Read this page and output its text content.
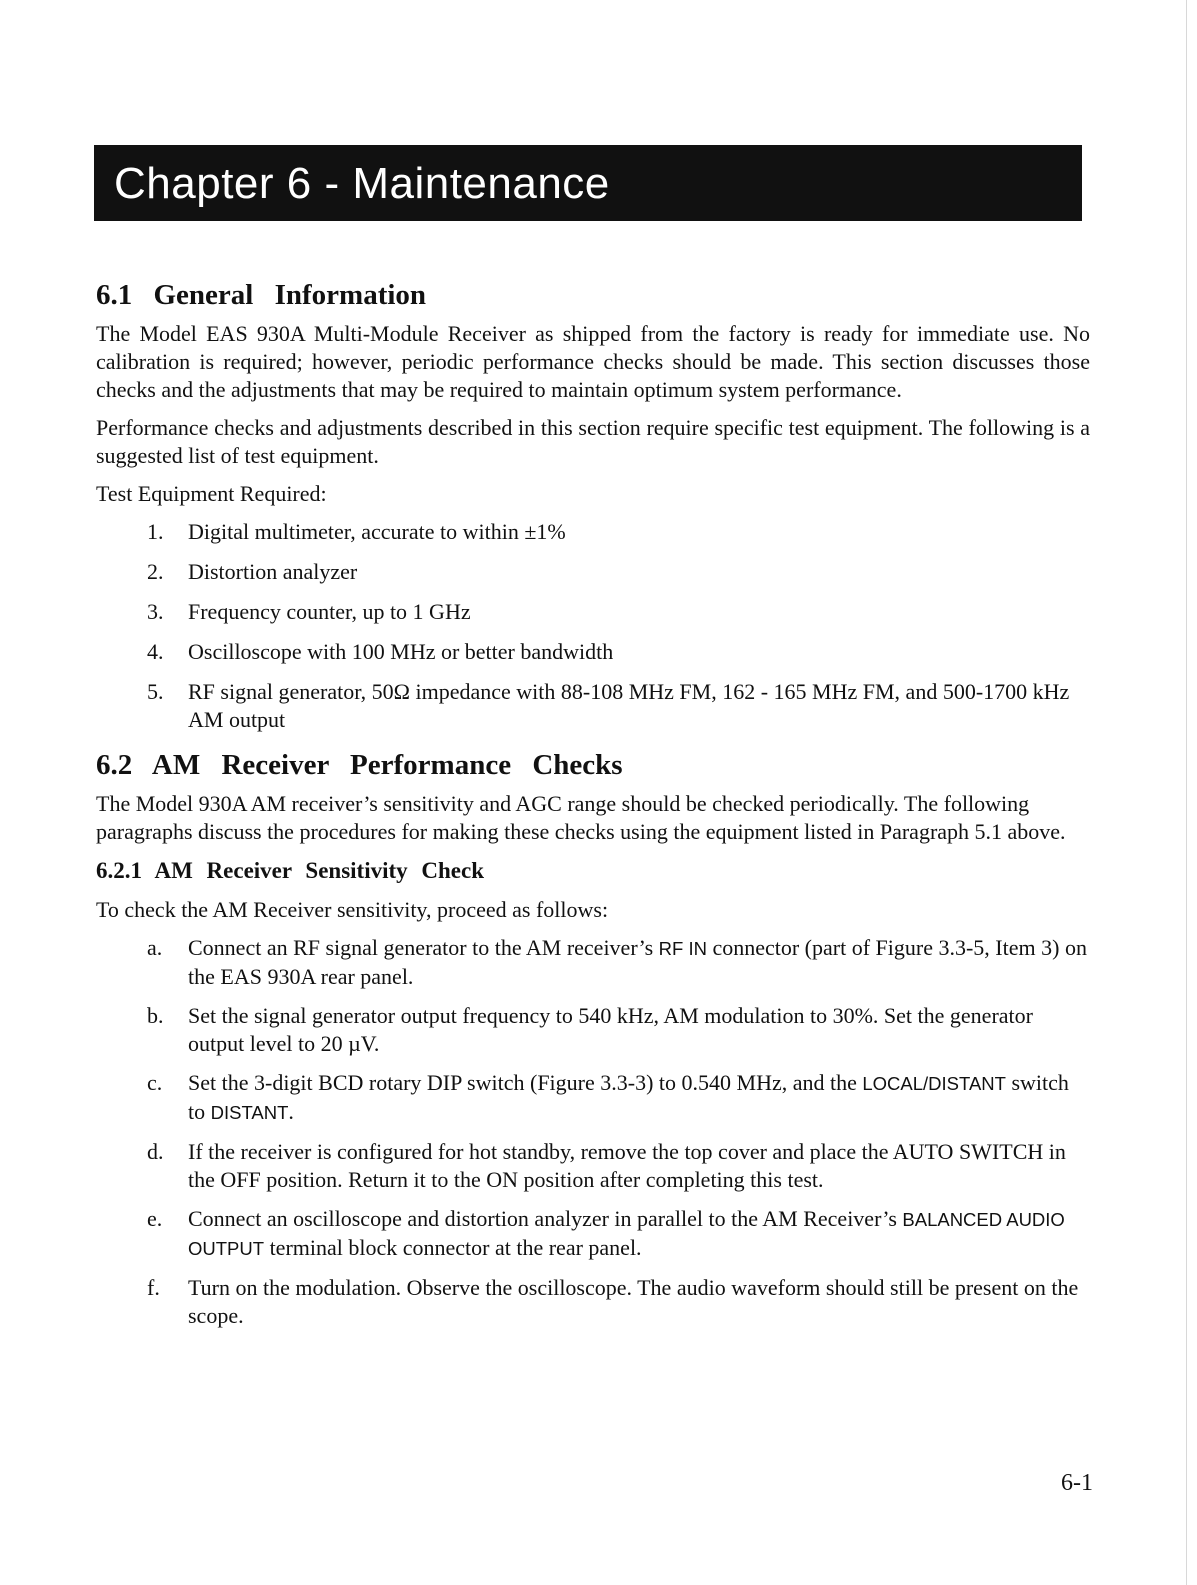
Chapter 6 - Maintenance
6.1 General Information

The Model EAS 930A Multi-Module Receiver as shipped from the factory is ready for immediate use. No calibration is required; however, periodic performance checks should be made. This section discusses those checks and the adjustments that may be required to maintain optimum system performance.

Performance checks and adjustments described in this section require specific test equipment. The following is a suggested list of test equipment.

Test Equipment Required:

1. Digital multimeter, accurate to within ±1%
2. Distortion analyzer
3. Frequency counter, up to 1 GHz
4. Oscilloscope with 100 MHz or better bandwidth
5. RF signal generator, 50Ω impedance with 88-108 MHz FM, 162 - 165 MHz FM, and 500-1700 kHz AM output
6.2 AM Receiver Performance Checks

The Model 930A AM receiver’s sensitivity and AGC range should be checked periodically. The following paragraphs discuss the procedures for making these checks using the equipment listed in Paragraph 5.1 above.

6.2.1 AM Receiver Sensitivity Check

To check the AM Receiver sensitivity, proceed as follows:

a. Connect an RF signal generator to the AM receiver’s RF IN connector (part of Figure 3.3-5, Item 3) on the EAS 930A rear panel.
b. Set the signal generator output frequency to 540 kHz, AM modulation to 30%. Set the generator output level to 20 µV.
c. Set the 3-digit BCD rotary DIP switch (Figure 3.3-3) to 0.540 MHz, and the LOCAL/DISTANT switch to DISTANT.
d. If the receiver is configured for hot standby, remove the top cover and place the AUTO SWITCH in the OFF position. Return it to the ON position after completing this test.
e. Connect an oscilloscope and distortion analyzer in parallel to the AM Receiver’s BALANCED AUDIO OUTPUT terminal block connector at the rear panel.
f. Turn on the modulation. Observe the oscilloscope. The audio waveform should still be present on the scope.
6-1
